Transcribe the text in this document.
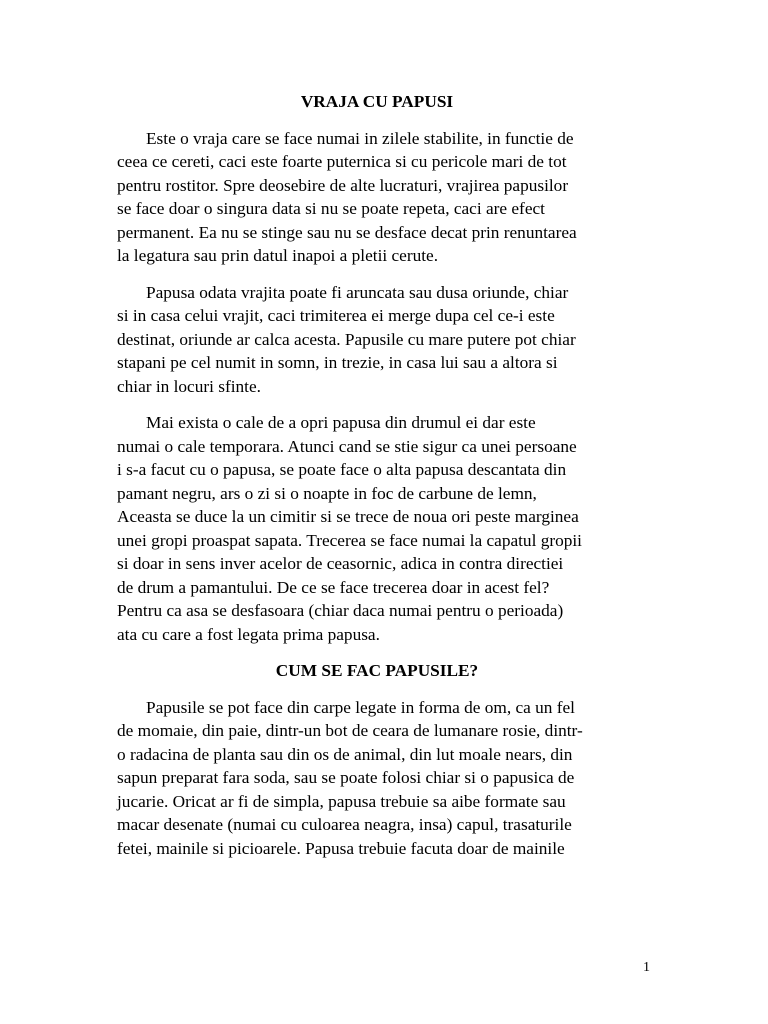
VRAJA CU PAPUSI
Este o vraja care se face numai in zilele stabilite, in functie de
ceea ce cereti, caci este foarte puternica si cu pericole mari de tot
pentru rostitor. Spre deosebire de alte lucraturi, vrajirea papusilor
se face doar o singura data si nu se poate repeta, caci are efect
permanent. Ea nu se stinge sau nu se desface decat prin renuntarea
la legatura sau prin datul inapoi a pletii cerute.
Papusa odata vrajita poate fi aruncata sau dusa oriunde, chiar
si in casa celui vrajit, caci trimiterea ei merge dupa cel ce-i este
destinat, oriunde ar calca acesta. Papusile cu mare putere pot chiar
stapani pe cel numit in somn, in trezie, in casa lui sau a altora si
chiar in locuri sfinte.
Mai exista o cale de a opri papusa din drumul ei dar este
numai o cale temporara. Atunci cand se stie sigur ca unei persoane
i s-a facut cu o papusa, se poate face o alta papusa descantata din
pamant negru, ars o zi si o noapte in foc de carbune de lemn,
Aceasta se duce la un cimitir si se trece de noua ori peste marginea
unei gropi proaspat sapata. Trecerea se face numai la capatul gropii
si doar in sens inver acelor de ceasornic, adica in contra directiei
de drum a pamantului. De ce se face trecerea doar in acest fel?
Pentru ca asa se desfasoara (chiar daca numai pentru o perioada)
ata cu care a fost legata prima papusa.
CUM SE FAC PAPUSILE?
Papusile se pot face din carpe legate in forma de om, ca un fel
de momaie, din paie, dintr-un bot de ceara de lumanare rosie, dintr-
o radacina de planta sau din os de animal, din lut moale nears, din
sapun preparat fara soda, sau se poate folosi chiar si o papusica de
jucarie. Oricat ar fi de simpla, papusa trebuie sa aibe formate sau
macar desenate (numai cu culoarea neagra, insa) capul, trasaturile
fetei, mainile si picioarele. Papusa trebuie facuta doar de mainile
1
